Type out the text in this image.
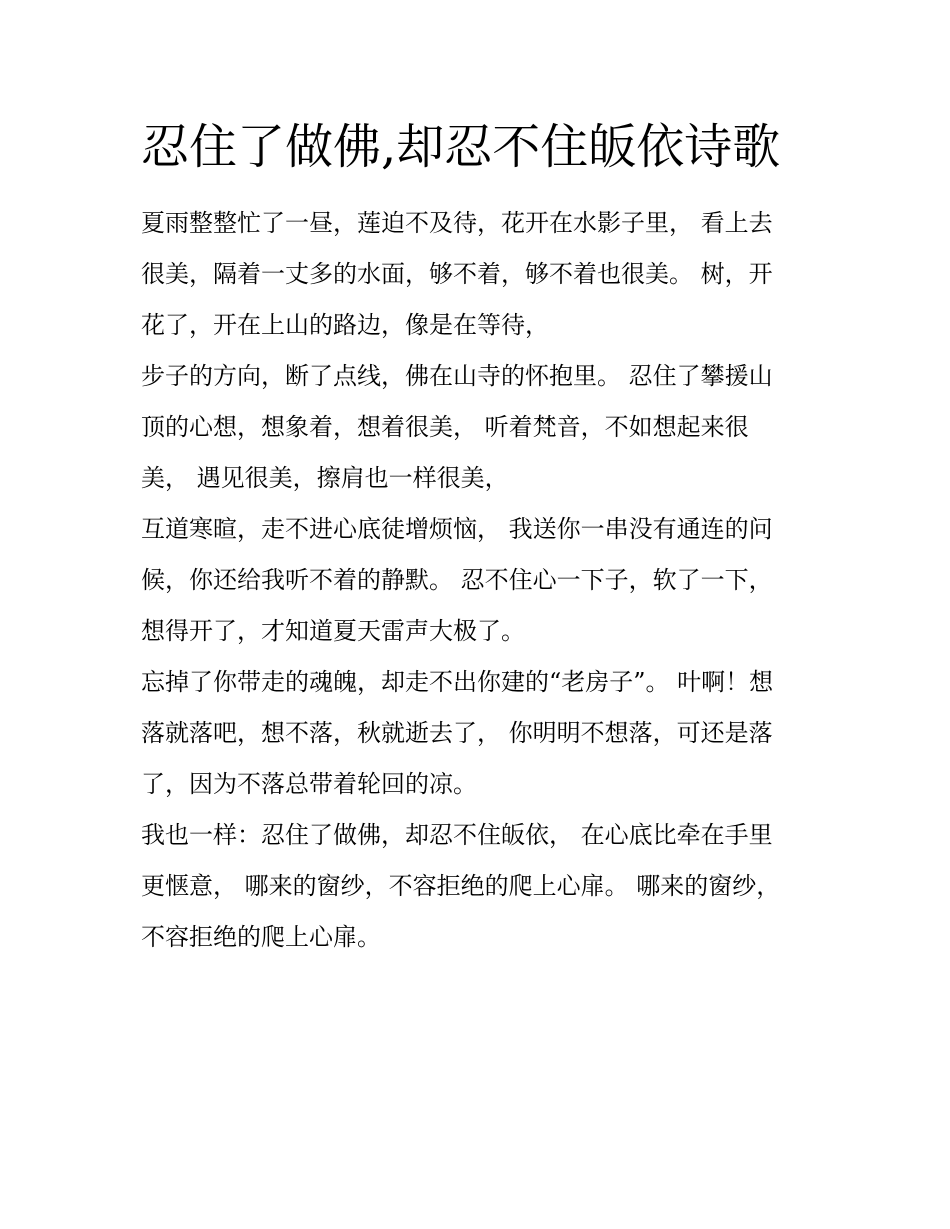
忍住了做佛,却忍不住皈依诗歌
夏雨整整忙了一昼，莲迫不及待，花开在水影子里， 看上去
很美，隔着一丈多的水面，够不着，够不着也很美。 树，开
花了，开在上山的路边，像是在等待，
步子的方向，断了点线，佛在山寺的怀抱里。 忍住了攀援山
顶的心想，想象着，想着很美， 听着梵音，不如想起来很
美， 遇见很美，擦肩也一样很美，
互道寒暄，走不进心底徒增烦恼， 我送你一串没有通连的问
候，你还给我听不着的静默。 忍不住心一下子，软了一下，
想得开了，才知道夏天雷声大极了。
忘掉了你带走的魂魄，却走不出你建的“老房子”。 叶啊！想
落就落吧，想不落，秋就逝去了， 你明明不想落，可还是落
了，因为不落总带着轮回的凉。
我也一样：忍住了做佛，却忍不住皈依， 在心底比牵在手里
更惬意， 哪来的窗纱，不容拒绝的爬上心扉。 哪来的窗纱，
不容拒绝的爬上心扉。
